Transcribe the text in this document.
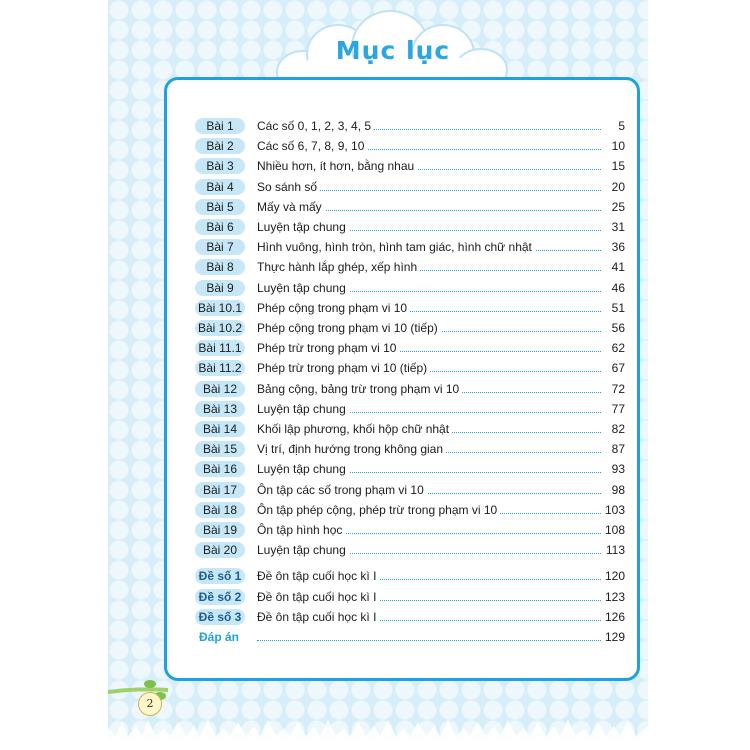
Mục lục
Bài 1	Các số 0, 1, 2, 3, 4, 5	5
Bài 2	Các số 6, 7, 8, 9, 10	10
Bài 3	Nhiều hơn, ít hơn, bằng nhau	15
Bài 4	So sánh số	20
Bài 5	Mấy và mấy	25
Bài 6	Luyện tập chung	31
Bài 7	Hình vuông, hình tròn, hình tam giác, hình chữ nhật	36
Bài 8	Thực hành lắp ghép, xếp hình	41
Bài 9	Luyện tập chung	46
Bài 10.1 Phép cộng trong phạm vi 10	51
Bài 10.2 Phép cộng trong phạm vi 10 (tiếp)	56
Bài 11.1 Phép trừ trong phạm vi 10	62
Bài 11.2 Phép trừ trong phạm vi 10 (tiếp)	67
Bài 12	Bảng cộng, bảng trừ trong phạm vi 10	72
Bài 13	Luyện tập chung	77
Bài 14	Khối lập phương, khối hộp chữ nhật	82
Bài 15	Vị trí, định hướng trong không gian	87
Bài 16	Luyện tập chung	93
Bài 17	Ôn tập các số trong phạm vi 10	98
Bài 18	Ôn tập phép cộng, phép trừ trong phạm vi 10	103
Bài 19	Ôn tập hình học	108
Bài 20	Luyện tập chung	113
Đề số 1	Đề ôn tập cuối học kì I	120
Đề số 2	Đề ôn tập cuối học kì I	123
Đề số 3	Đề ôn tập cuối học kì I	126
Đáp án	129
2
